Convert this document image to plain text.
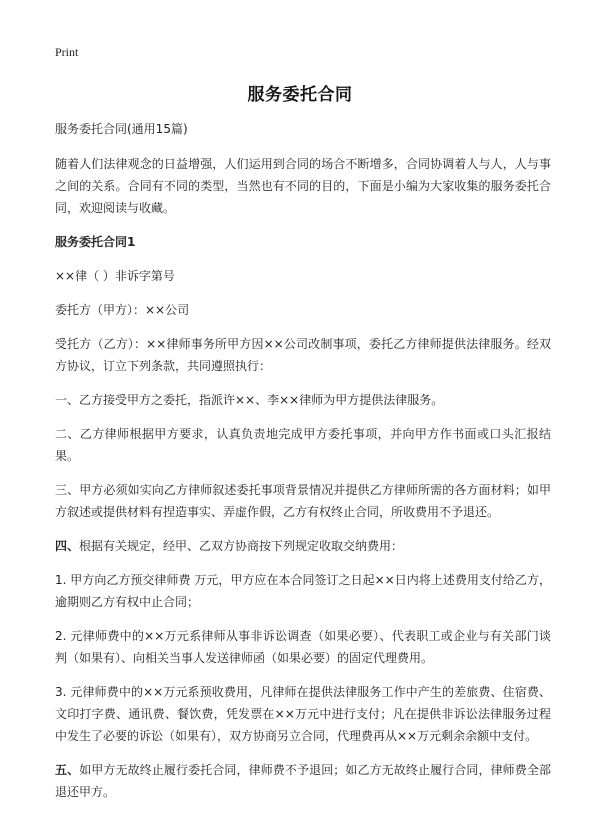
Print
服务委托合同

服务委托合同(通用15篇)

随着人们法律观念的日益增强，人们运用到合同的场合不断增多，合同协调着人与人，人与事之间的关系。合同有不同的类型，当然也有不同的目的，下面是小编为大家收集的服务委托合同，欢迎阅读与收藏。

服务委托合同1

××律（ ）非诉字第号

委托方（甲方）：××公司

受托方（乙方）：××律师事务所甲方因××公司改制事项，委托乙方律师提供法律服务。经双方协议，订立下列条款，共同遵照执行：

一、乙方接受甲方之委托，指派许××、李××律师为甲方提供法律服务。

二、乙方律师根据甲方要求，认真负责地完成甲方委托事项，并向甲方作书面或口头汇报结果。

三、甲方必须如实向乙方律师叙述委托事项背景情况并提供乙方律师所需的各方面材料；如甲方叙述或提供材料有捏造事实、弄虚作假，乙方有权终止合同，所收费用不予退还。

四、根据有关规定，经甲、乙双方协商按下列规定收取交纳费用：

1. 甲方向乙方预交律师费 万元，甲方应在本合同签订之日起××日内将上述费用支付给乙方，逾期则乙方有权中止合同；

2. 元律师费中的××万元系律师从事非诉讼调查（如果必要）、代表职工或企业与有关部门谈判（如果有）、向相关当事人发送律师函（如果必要）的固定代理费用。

3. 元律师费中的××万元系预收费用，凡律师在提供法律服务工作中产生的差旅费、住宿费、文印打字费、通讯费、餐饮费，凭发票在××万元中进行支付；凡在提供非诉讼法律服务过程中发生了必要的诉讼（如果有），双方协商另立合同，代理费再从××万元剩余余额中支付。

五、如甲方无故终止履行委托合同，律师费不予退回；如乙方无故终止履行合同，律师费全部退还甲方。
